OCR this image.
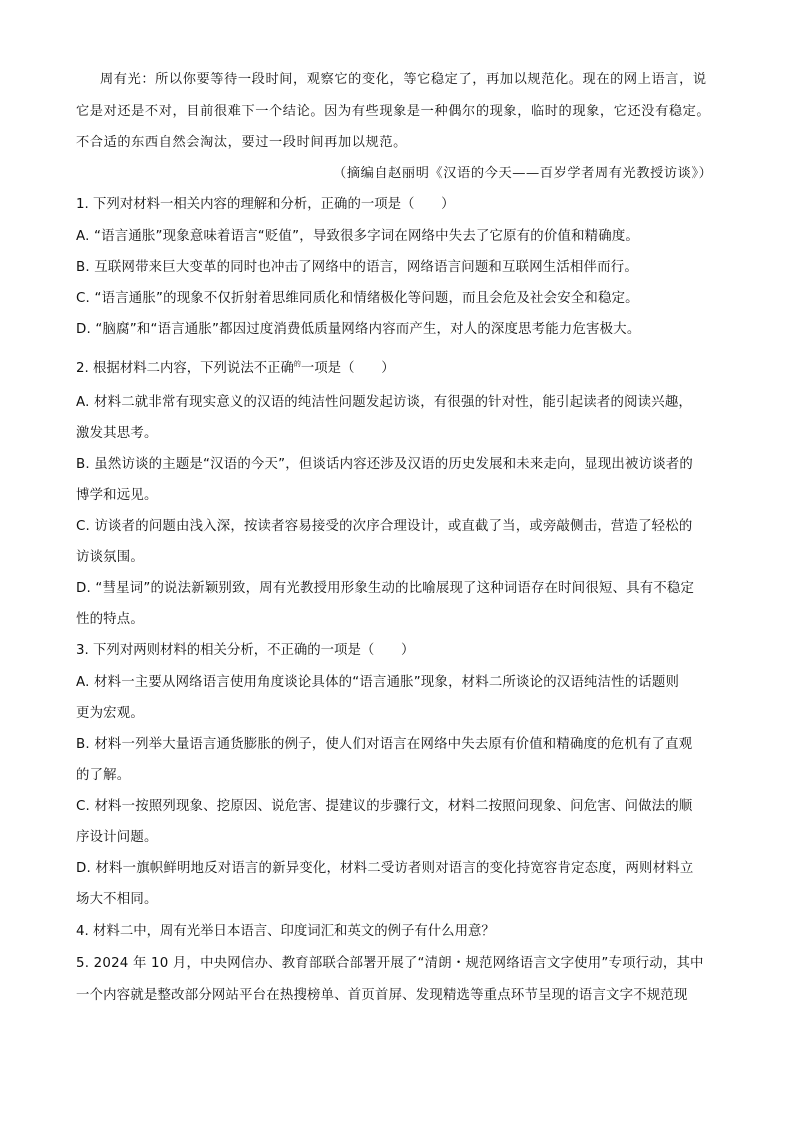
周有光：所以你要等待一段时间，观察它的变化，等它稳定了，再加以规范化。现在的网上语言，说
它是对还是不对，目前很难下一个结论。因为有些现象是一种偶尔的现象，临时的现象，它还没有稳定。
不合适的东西自然会淘汰，要过一段时间再加以规范。
（摘编自赵丽明《汉语的今天——百岁学者周有光教授访谈》）
1. 下列对材料一相关内容的理解和分析，正确的一项是（　　）
A. “语言通胀”现象意味着语言“贬值”，导致很多字词在网络中失去了它原有的价值和精确度。
B. 互联网带来巨大变革的同时也冲击了网络中的语言，网络语言问题和互联网生活相伴而行。
C. “语言通胀”的现象不仅折射着思维同质化和情绪极化等问题，而且会危及社会安全和稳定。
D. “脑腐”和“语言通胀”都因过度消费低质量网络内容而产生，对人的深度思考能力危害极大。
2. 根据材料二内容，下列说法不正确$^的$一项是（　　）
A. 材料二就非常有现实意义的汉语的纯洁性问题发起访谈，有很强的针对性，能引起读者的阅读兴趣，
激发其思考。
B. 虽然访谈的主题是“汉语的今天”，但谈话内容还涉及汉语的历史发展和未来走向，显现出被访谈者的
博学和远见。
C. 访谈者的问题由浅入深，按读者容易接受的次序合理设计，或直截了当，或旁敲侧击，营造了轻松的
访谈氛围。
D. “彗星词”的说法新颖别致，周有光教授用形象生动的比喻展现了这种词语存在时间很短、具有不稳定
性的特点。
3. 下列对两则材料的相关分析，不正确的一项是（　　）
A. 材料一主要从网络语言使用角度谈论具体的“语言通胀”现象，材料二所谈论的汉语纯洁性的话题则
更为宏观。
B. 材料一列举大量语言通货膨胀的例子，使人们对语言在网络中失去原有价值和精确度的危机有了直观
的了解。
C. 材料一按照列现象、挖原因、说危害、提建议的步骤行文，材料二按照问现象、问危害、问做法的顺
序设计问题。
D. 材料一旗帜鲜明地反对语言的新异变化，材料二受访者则对语言的变化持宽容肯定态度，两则材料立
场大不相同。
4. 材料二中，周有光举日本语言、印度词汇和英文的例子有什么用意？
5. 2024 年 10 月，中央网信办、教育部联合部署开展了“清朗・规范网络语言文字使用”专项行动，其中
一个内容就是整改部分网站平台在热搜榜单、首页首屏、发现精选等重点环节呈现的语言文字不规范现
